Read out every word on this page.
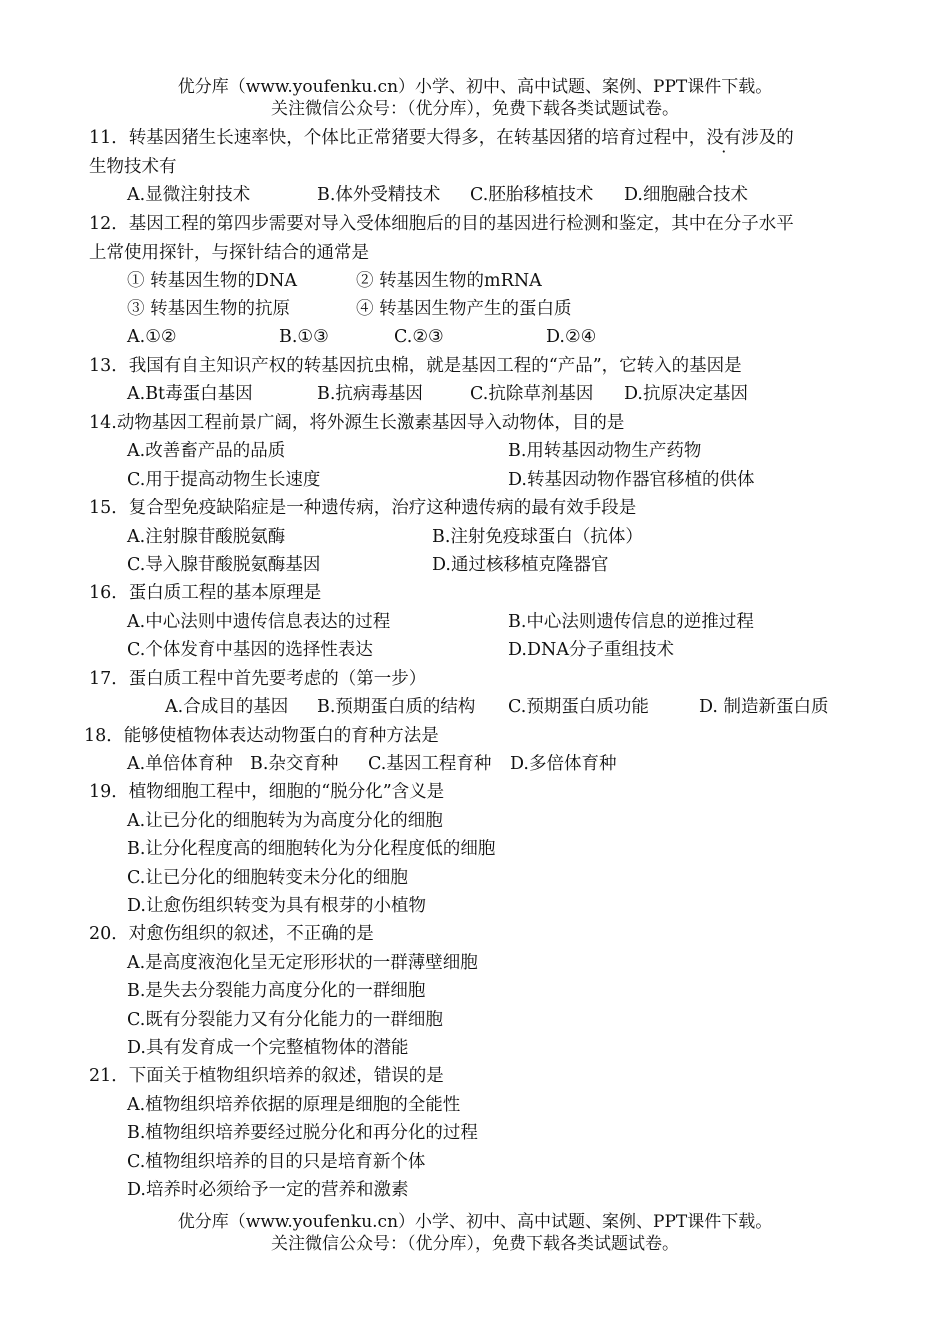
优分库（www.youfenku.cn）小学、初中、高中试题、案例、PPT课件下载。
关注微信公众号：（优分库），免费下载各类试题试卷。
11．转基因猪生长速率快，个体比正常猪要大得多，在转基因猪的培育过程中，没有涉及的
生物技术有
A.显微注射技术	B.体外受精技术 C.胚胎移植技术 D.细胞融合技术
12．基因工程的第四步需要对导入受体细胞后的目的基因进行检测和鉴定，其中在分子水平
上常使用探针，与探针结合的通常是
① 转基因生物的DNA	② 转基因生物的mRNA
③ 转基因生物的抗原	④ 转基因生物产生的蛋白质
A.①②	B.①③	C.②③	D.②④
13．我国有自主知识产权的转基因抗虫棉，就是基因工程的“产品”，它转入的基因是
A.Bt毒蛋白基因	B.抗病毒基因	C.抗除草剂基因 D.抗原决定基因
14.动物基因工程前景广阔，将外源生长激素基因导入动物体，目的是
A.改善畜产品的品质	B.用转基因动物生产药物
C.用于提高动物生长速度	D.转基因动物作器官移植的供体
15．复合型免疫缺陷症是一种遗传病，治疗这种遗传病的最有效手段是
A.注射腺苷酸脱氨酶	B.注射免疫球蛋白（抗体）
C.导入腺苷酸脱氨酶基因	D.通过核移植克隆器官
16．蛋白质工程的基本原理是
A.中心法则中遗传信息表达的过程	B.中心法则遗传信息的逆推过程
C.个体发育中基因的选择性表达	D.DNA分子重组技术
17．蛋白质工程中首先要考虑的（第一步）
A.合成目的基因 B.预期蛋白质的结构 C.预期蛋白质功能	D. 制造新蛋白质
18．能够使植物体表达动物蛋白的育种方法是
A.单倍体育种 B.杂交育种 C.基因工程育种 D.多倍体育种
19．植物细胞工程中，细胞的“脱分化”含义是
A.让已分化的细胞转为为高度分化的细胞
B.让分化程度高的细胞转化为分化程度低的细胞
C.让已分化的细胞转变未分化的细胞
D.让愈伤组织转变为具有根芽的小植物
20．对愈伤组织的叙述，不正确的是
A.是高度液泡化呈无定形形状的一群薄壁细胞
B.是失去分裂能力高度分化的一群细胞
C.既有分裂能力又有分化能力的一群细胞
D.具有发育成一个完整植物体的潜能
21．下面关于植物组织培养的叙述，错误的是
A.植物组织培养依据的原理是细胞的全能性
B.植物组织培养要经过脱分化和再分化的过程
C.植物组织培养的目的只是培育新个体
D.培养时必须给予一定的营养和激素
优分库（www.youfenku.cn）小学、初中、高中试题、案例、PPT课件下载。
关注微信公众号：（优分库），免费下载各类试题试卷。
